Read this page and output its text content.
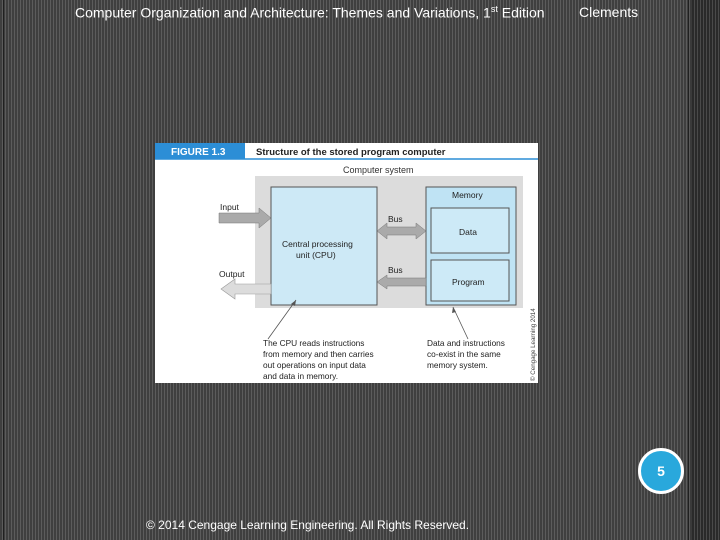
Computer Organization and Architecture: Themes and Variations, 1st Edition Clements
FIGURE 1.3	Structure of the stored program computer
Computer system
Central processing
unit (CPU)
Memory
Data
Program
Bus
Bus
Input
Output
The CPU reads instructions from memory and then carries out operations on input data and data in memory.
Data and instructions co-exist in the same memory system.	© Cengage Learning 2014
5
© 2014 Cengage Learning Engineering. All Rights Reserved.
